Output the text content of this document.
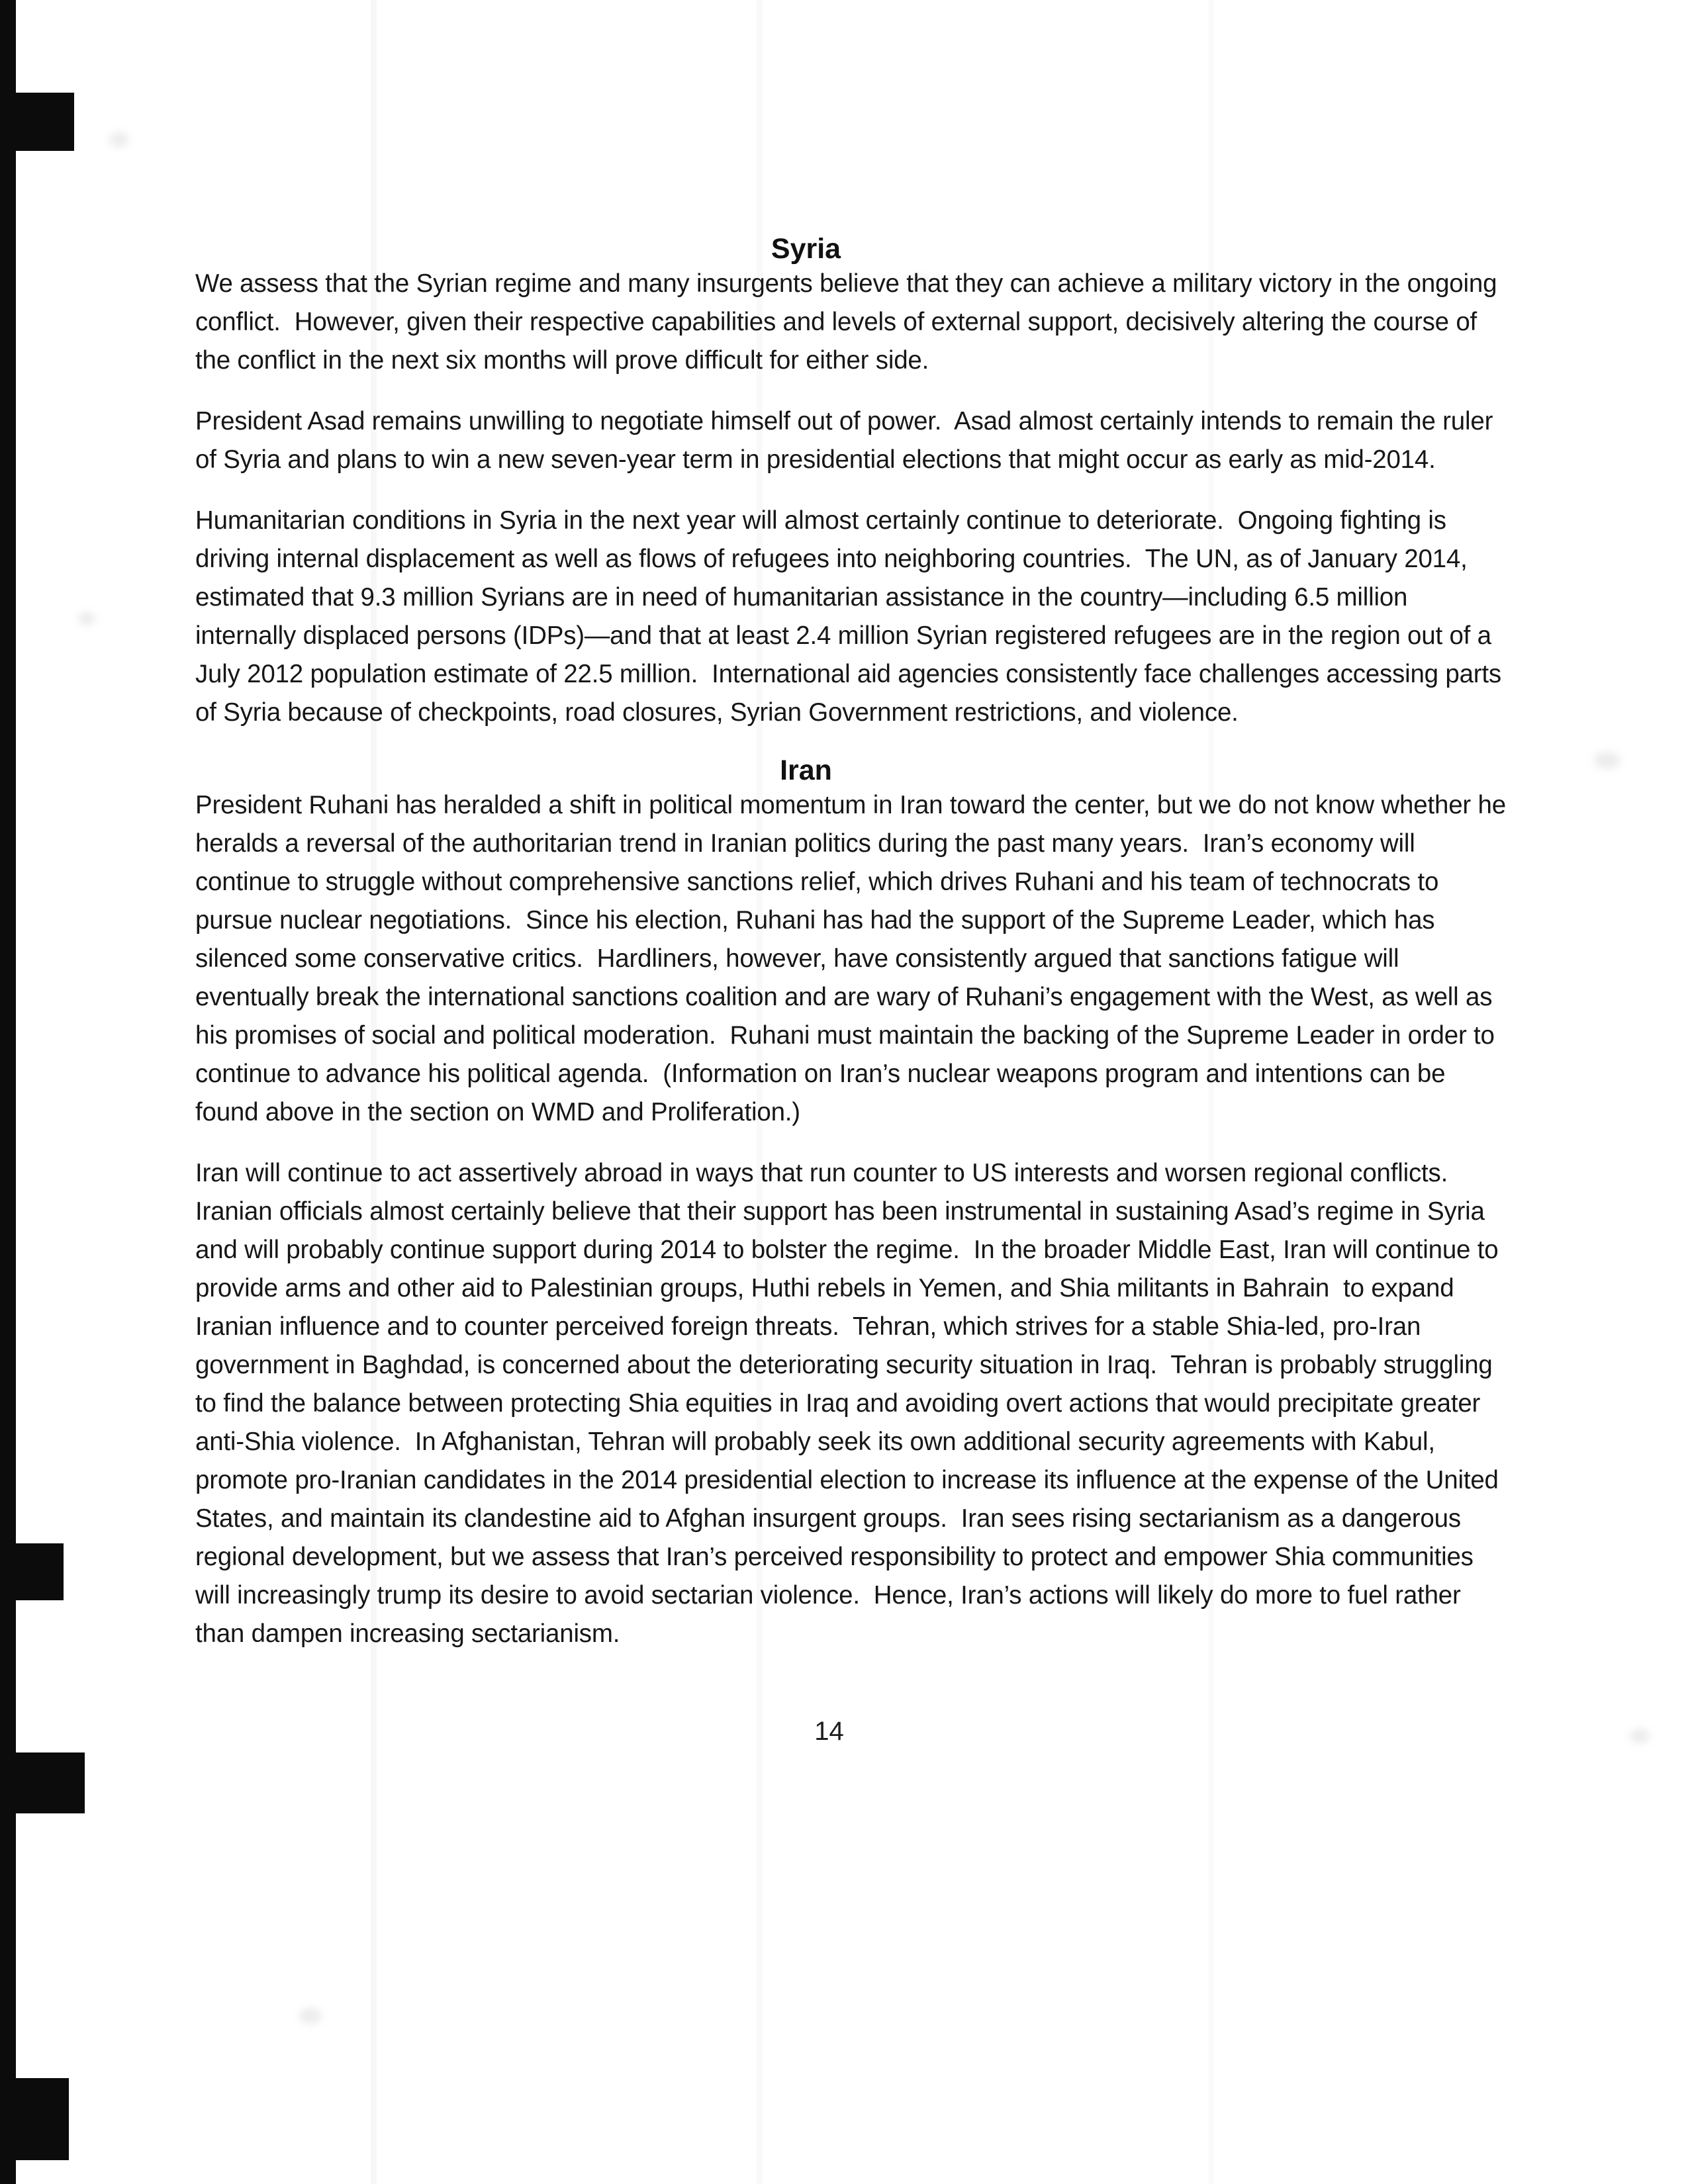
Syria

We assess that the Syrian regime and many insurgents believe that they can achieve a military victory in the ongoing conflict.  However, given their respective capabilities and levels of external support, decisively altering the course of the conflict in the next six months will prove difficult for either side.

President Asad remains unwilling to negotiate himself out of power.  Asad almost certainly intends to remain the ruler of Syria and plans to win a new seven-year term in presidential elections that might occur as early as mid-2014.

Humanitarian conditions in Syria in the next year will almost certainly continue to deteriorate.  Ongoing fighting is driving internal displacement as well as flows of refugees into neighboring countries.  The UN, as of January 2014, estimated that 9.3 million Syrians are in need of humanitarian assistance in the country—including 6.5 million internally displaced persons (IDPs)—and that at least 2.4 million Syrian registered refugees are in the region out of a July 2012 population estimate of 22.5 million.  International aid agencies consistently face challenges accessing parts of Syria because of checkpoints, road closures, Syrian Government restrictions, and violence.

Iran

President Ruhani has heralded a shift in political momentum in Iran toward the center, but we do not know whether he heralds a reversal of the authoritarian trend in Iranian politics during the past many years.  Iran’s economy will continue to struggle without comprehensive sanctions relief, which drives Ruhani and his team of technocrats to pursue nuclear negotiations.  Since his election, Ruhani has had the support of the Supreme Leader, which has silenced some conservative critics.  Hardliners, however, have consistently argued that sanctions fatigue will eventually break the international sanctions coalition and are wary of Ruhani’s engagement with the West, as well as his promises of social and political moderation.  Ruhani must maintain the backing of the Supreme Leader in order to continue to advance his political agenda.  (Information on Iran’s nuclear weapons program and intentions can be found above in the section on WMD and Proliferation.)

Iran will continue to act assertively abroad in ways that run counter to US interests and worsen regional conflicts.  Iranian officials almost certainly believe that their support has been instrumental in sustaining Asad’s regime in Syria and will probably continue support during 2014 to bolster the regime.  In the broader Middle East, Iran will continue to provide arms and other aid to Palestinian groups, Huthi rebels in Yemen, and Shia militants in Bahrain  to expand Iranian influence and to counter perceived foreign threats.  Tehran, which strives for a stable Shia-led, pro-Iran government in Baghdad, is concerned about the deteriorating security situation in Iraq.  Tehran is probably struggling to find the balance between protecting Shia equities in Iraq and avoiding overt actions that would precipitate greater anti-Shia violence.  In Afghanistan, Tehran will probably seek its own additional security agreements with Kabul, promote pro-Iranian candidates in the 2014 presidential election to increase its influence at the expense of the United States, and maintain its clandestine aid to Afghan insurgent groups.  Iran sees rising sectarianism as a dangerous regional development, but we assess that Iran’s perceived responsibility to protect and empower Shia communities will increasingly trump its desire to avoid sectarian violence.  Hence, Iran’s actions will likely do more to fuel rather than dampen increasing sectarianism.

14
